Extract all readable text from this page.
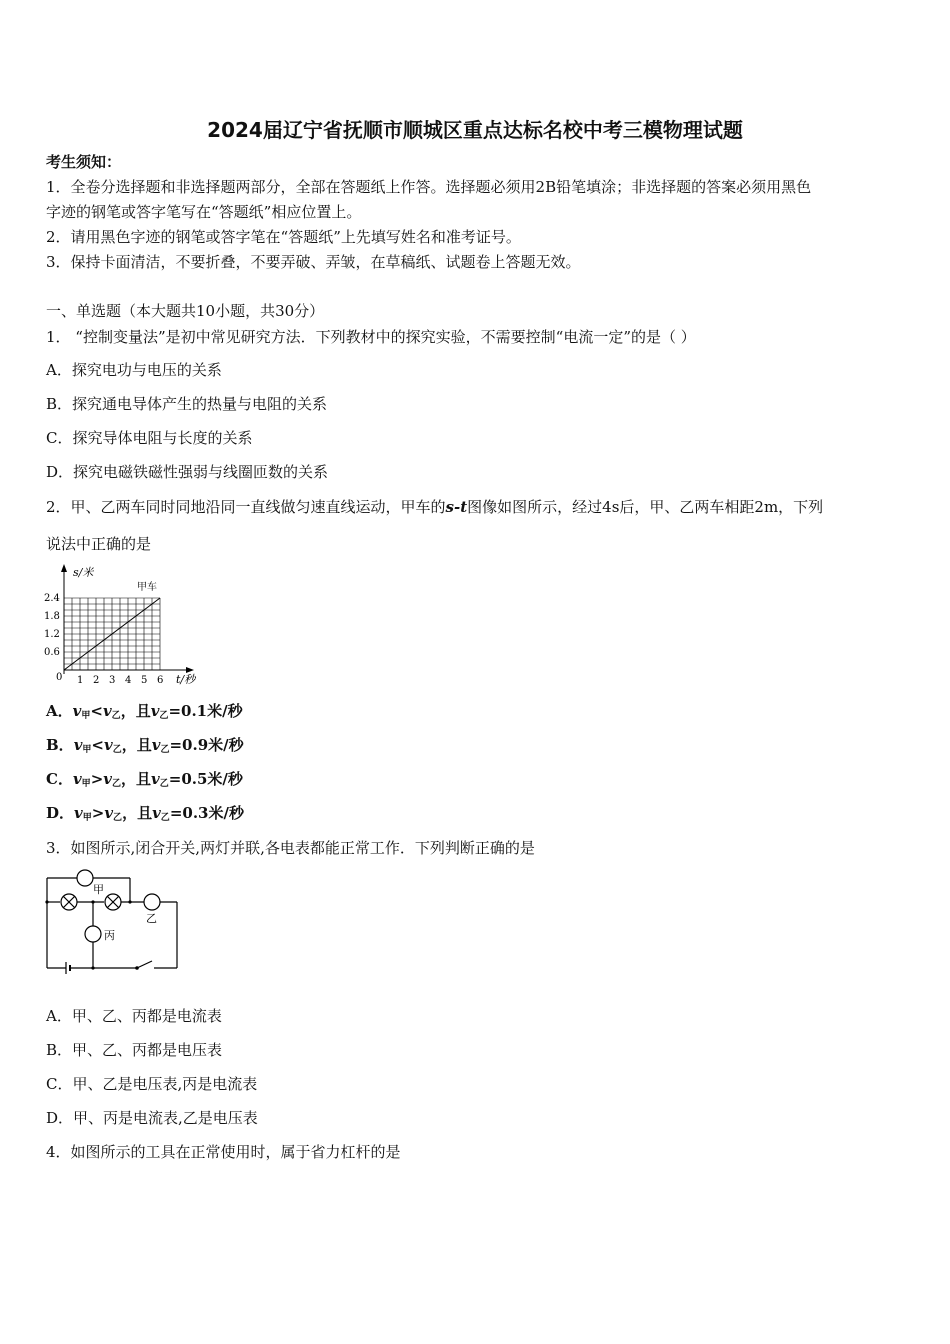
2024届辽宁省抚顺市顺城区重点达标名校中考三模物理试题
考生须知：
1．全卷分选择题和非选择题两部分，全部在答题纸上作答。选择题必须用2B铅笔填涂；非选择题的答案必须用黑色
字迹的钢笔或答字笔写在“答题纸”相应位置上。
2．请用黑色字迹的钢笔或答字笔在“答题纸”上先填写姓名和准考证号。
3．保持卡面清洁，不要折叠，不要弄破、弄皱，在草稿纸、试题卷上答题无效。
一、单选题（本大题共10小题，共30分）
1． “控制变量法”是初中常见研究方法．下列教材中的探究实验，不需要控制“电流一定”的是（ ）
A．探究电功与电压的关系
B．探究通电导体产生的热量与电阻的关系
C．探究导体电阻与长度的关系
D．探究电磁铁磁性强弱与线圈匝数的关系
2．甲、乙两车同时同地沿同一直线做匀速直线运动，甲车的s-t图像如图所示，经过4s后，甲、乙两车相距2m，下列
说法中正确的是
s/米
t/秒
0
甲车
1 2 3 4 5 6
0.6
1.2
1.8
2.4
A．$v_甲<v_乙$，且$v_乙=0.1$米/秒
B．$v_甲<v_乙$，且$v_乙=0.9$米/秒
C．$v_甲>v_乙$，且$v_乙=0.5$米/秒
D．$v_甲>v_乙$，且$v_乙=0.3$米/秒
3．如图所示,闭合开关,两灯并联,各电表都能正常工作．下列判断正确的是
甲
乙
丙
A．甲、乙、丙都是电流表
B．甲、乙、丙都是电压表
C．甲、乙是电压表,丙是电流表
D．甲、丙是电流表,乙是电压表
4．如图所示的工具在正常使用时，属于省力杠杆的是
